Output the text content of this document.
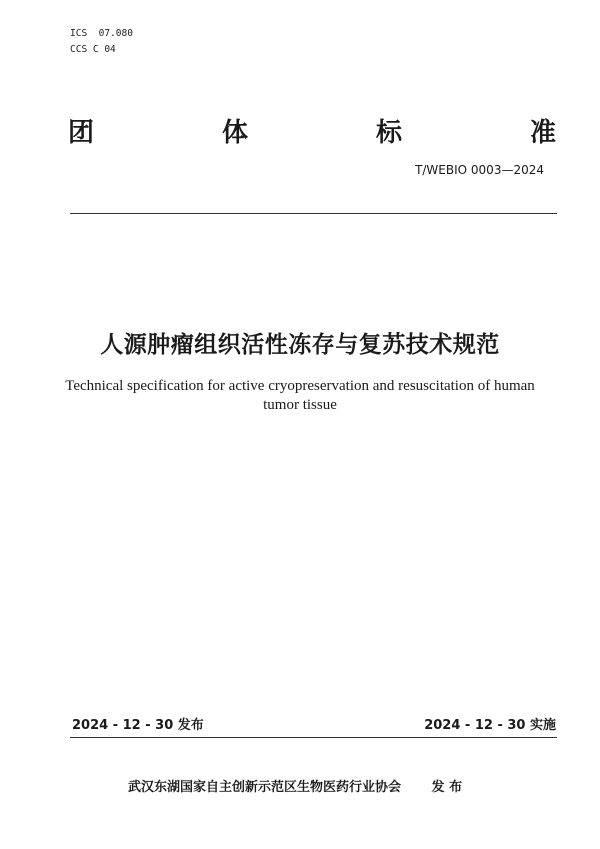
ICS  07.080
CCS C 04
团	体	标	准
T/WEBIO 0003—2024
人源肿瘤组织活性冻存与复苏技术规范
Technical specification for active cryopreservation and resuscitation of human tumor tissue
2024 - 12 - 30 发布	2024 - 12 - 30 实施
武汉东湖国家自主创新示范区生物医药行业协会 发 布
